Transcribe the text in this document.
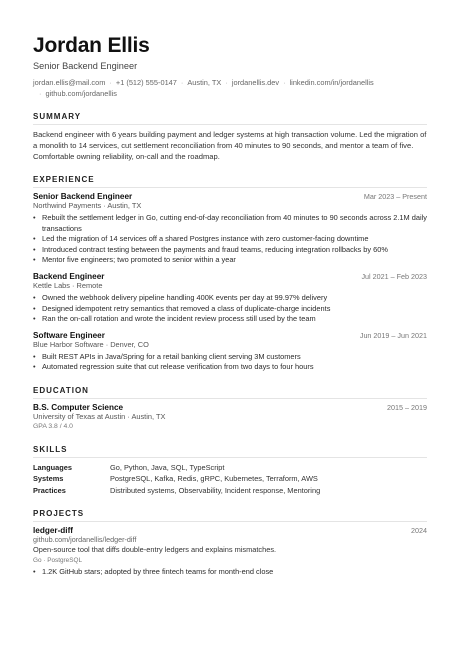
Jordan Ellis
Senior Backend Engineer
jordan.ellis@mail.com · +1 (512) 555-0147 · Austin, TX · jordanellis.dev · linkedin.com/in/jordanellis
· github.com/jordanellis
SUMMARY

Backend engineer with 6 years building payment and ledger systems at high transaction volume. Led the migration of a monolith to 14 services, cut settlement reconciliation from 40 minutes to 90 seconds, and mentor a team of five. Comfortable owning reliability, on-call and the roadmap.

EXPERIENCE
Senior Backend Engineer	Mar 2023 – Present
Northwind Payments · Austin, TX
• Rebuilt the settlement ledger in Go, cutting end-of-day reconciliation from 40 minutes to 90 seconds across 2.1M daily transactions
• Led the migration of 14 services off a shared Postgres instance with zero customer-facing downtime
• Introduced contract testing between the payments and fraud teams, reducing integration rollbacks by 60%
• Mentor five engineers; two promoted to senior within a year
Backend Engineer	Jul 2021 – Feb 2023
Kettle Labs · Remote
• Owned the webhook delivery pipeline handling 400K events per day at 99.97% delivery
• Designed idempotent retry semantics that removed a class of duplicate-charge incidents
• Ran the on-call rotation and wrote the incident review process still used by the team
Software Engineer	Jun 2019 – Jun 2021
Blue Harbor Software · Denver, CO
• Built REST APIs in Java/Spring for a retail banking client serving 3M customers
• Automated regression suite that cut release verification from two days to four hours
EDUCATION
B.S. Computer Science	2015 – 2019
University of Texas at Austin · Austin, TX
GPA 3.8 / 4.0
SKILLS
Languages	Go, Python, Java, SQL, TypeScript
Systems	PostgreSQL, Kafka, Redis, gRPC, Kubernetes, Terraform, AWS
Practices	Distributed systems, Observability, Incident response, Mentoring
PROJECTS
ledger-diff	2024
github.com/jordanellis/ledger-diff
Open-source tool that diffs double-entry ledgers and explains mismatches.
Go · PostgreSQL
• 1.2K GitHub stars; adopted by three fintech teams for month-end close
